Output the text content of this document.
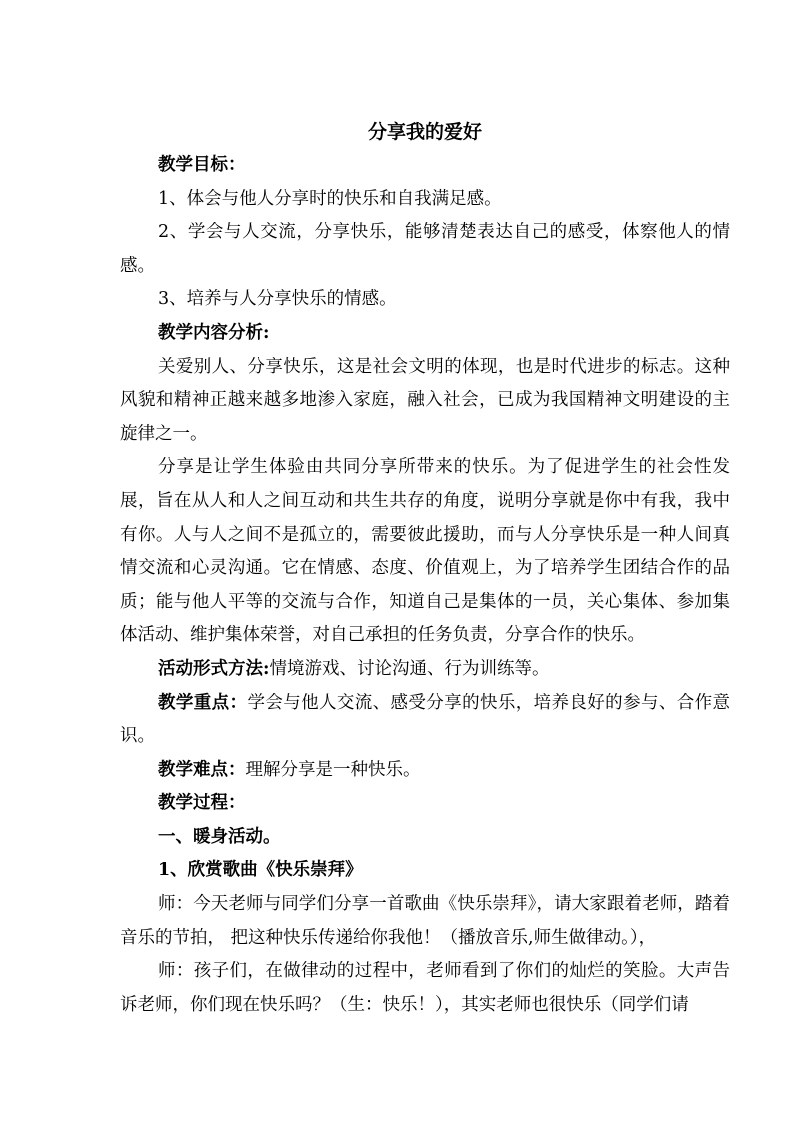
分享我的爱好

教学目标：

1、体会与他人分享时的快乐和自我满足感。

2、学会与人交流，分享快乐，能够清楚表达自己的感受，体察他人的情感。

3、培养与人分享快乐的情感。

教学内容分析:

关爱别人、分享快乐，这是社会文明的体现，也是时代进步的标志。这种风貌和精神正越来越多地渗入家庭，融入社会，已成为我国精神文明建设的主旋律之一。

分享是让学生体验由共同分享所带来的快乐。为了促进学生的社会性发展，旨在从人和人之间互动和共生共存的角度，说明分享就是你中有我，我中有你。人与人之间不是孤立的，需要彼此援助，而与人分享快乐是一种人间真情交流和心灵沟通。它在情感、态度、价值观上，为了培养学生团结合作的品质；能与他人平等的交流与合作，知道自己是集体的一员，关心集体、参加集体活动、维护集体荣誉，对自己承担的任务负责，分享合作的快乐。

活动形式方法:情境游戏、讨论沟通、行为训练等。

教学重点：学会与他人交流、感受分享的快乐，培养良好的参与、合作意识。

教学难点：理解分享是一种快乐。

教学过程：

一、暖身活动。

1、欣赏歌曲《快乐崇拜》

师：今天老师与同学们分享一首歌曲《快乐崇拜》，请大家跟着老师，踏着音乐的节拍， 把这种快乐传递给你我他！（播放音乐,师生做律动。），

师：孩子们，在做律动的过程中，老师看到了你们的灿烂的笑脸。大声告诉老师，你们现在快乐吗？（生：快乐！），其实老师也很快乐（同学们请
